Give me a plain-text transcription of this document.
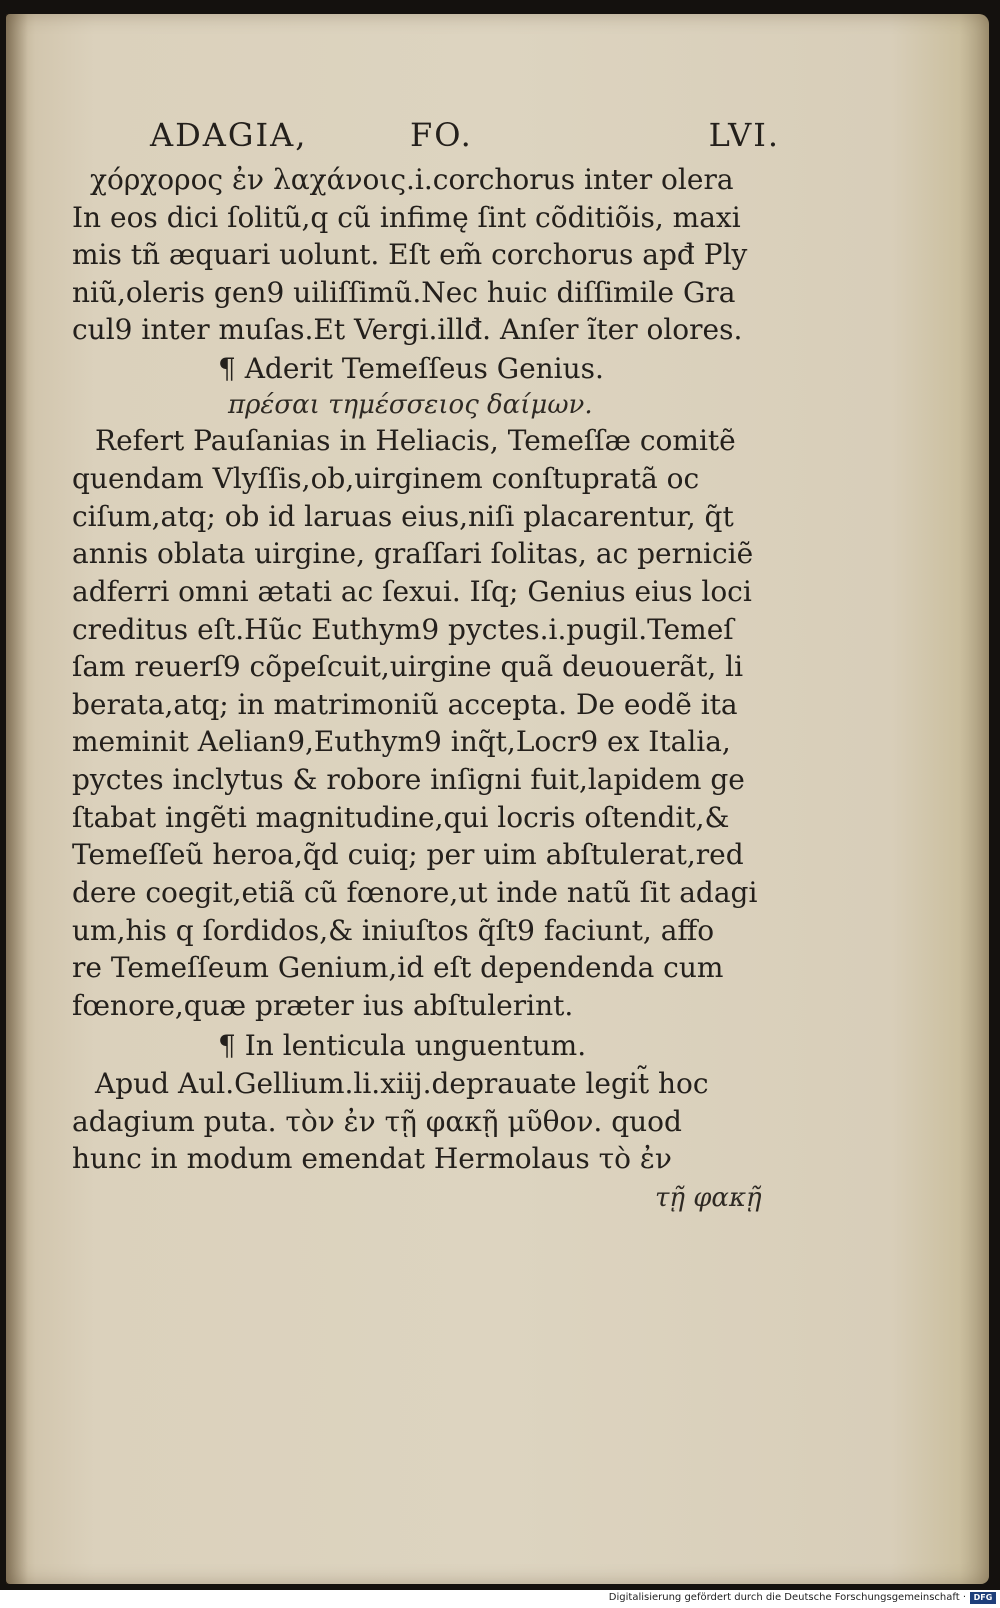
ADAGIA,	FO.	LVI.
χόρχορος ἐν λαχάνοις.i.corchorus inter olera
In eos dici ſolitũ,q cũ infimę ſint cõditiõis, maxi
mis tñ æquari uolunt. Eſt em̃ corchorus apđ Ply
niũ,oleris gen9 uiliſſimũ.Nec huic diſſimile Gra
cul9 inter muſas.Et Vergi.illđ. Anſer ĩter olores.
¶ Aderit Temeſſeus Genius.
πρέσαι τημέσσειος δαίμων.
Refert Pauſanias in Heliacis, Temeſſæ comitẽ
quendam Vlyſſis,ob,uirginem conſtupratã oc
ciſum,atq; ob id laruas eius,niſi placarentur, q̃t
annis oblata uirgine, graſſari ſolitas, ac perniciẽ
adferri omni ætati ac ſexui. Iſq; Genius eius loci
creditus eſt.Hũc Euthym9 pyctes.i.pugil.Temeſ
ſam reuerſ9 cõpeſcuit,uirgine quã deuouerãt, li
berata,atq; in matrimoniũ accepta. De eodẽ ita
meminit Aelian9,Euthym9 inq̃t,Locr9 ex Italia,
pyctes inclytus & robore inſigni fuit,lapidem ge
ſtabat ingẽti magnitudine,qui locris oſtendit,&
Temeſſeũ heroa,q̃d cuiq; per uim abſtulerat,red
dere coegit,etiã cũ fœnore,ut inde natũ ſit adagi
um,his q ſordidos,& iniuſtos q̃ſt9 faciunt, affo
re Temeſſeum Genium,id eſt dependenda cum
fœnore,quæ præter ius abſtulerint.
¶ In lenticula unguentum.
Apud Aul.Gellium.li.xiij.deprauate legit̃ hoc
adagium puta. τὸν ἐν τῇ φακῇ μῦθον. quod
hunc in modum emendat Hermolaus τὸ ἐν
τῇ φακῇ
Digitalisierung gefördert durch die Deutsche Forschungsgemeinschaft · DFG
